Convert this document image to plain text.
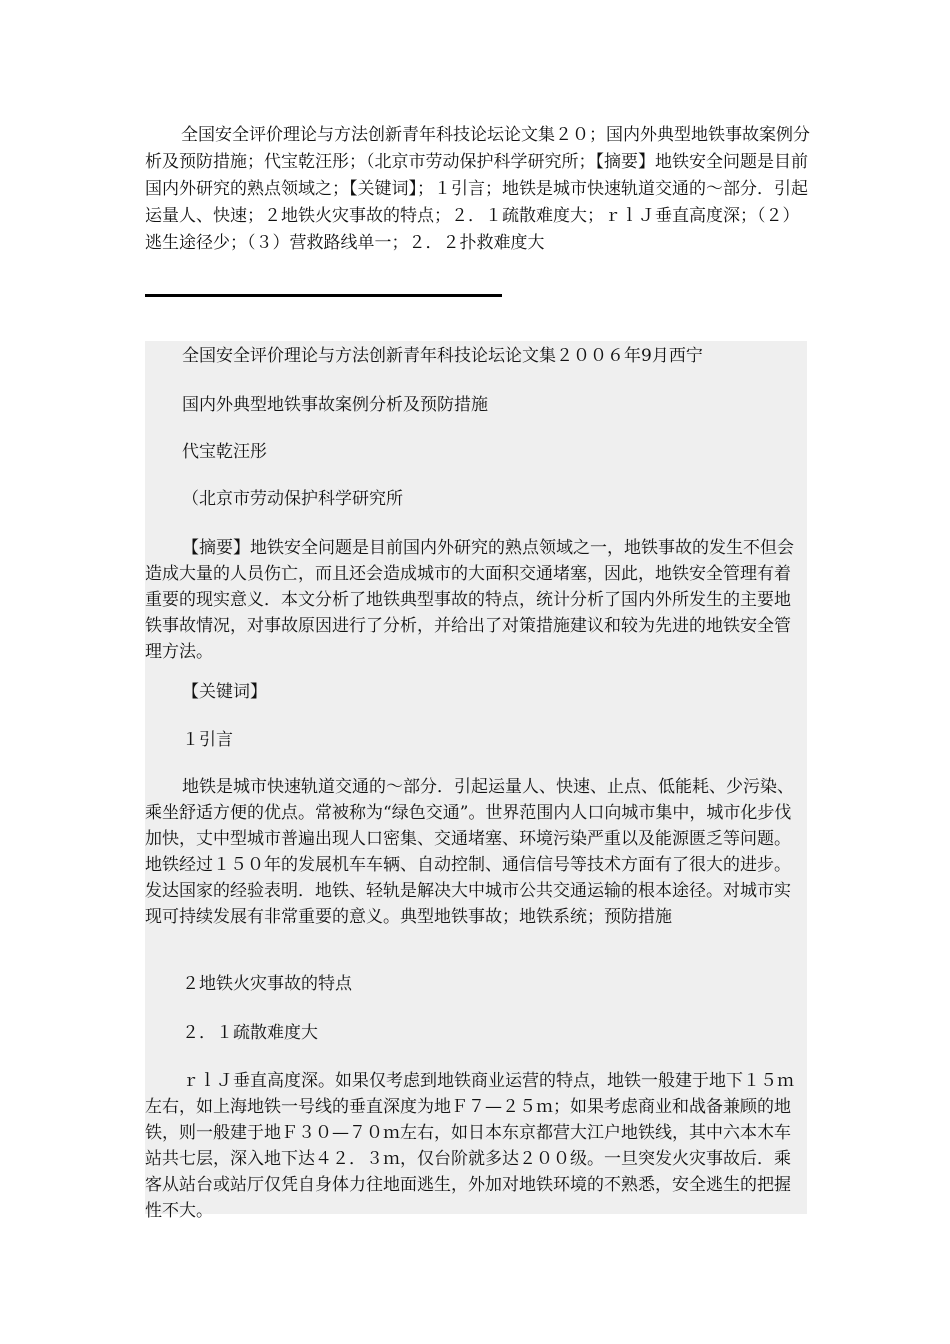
全国安全评价理论与方法创新青年科技论坛论文集２０；国内外典型地铁事故案例分析及预防措施；代宝乾汪彤；（北京市劳动保护科学研究所；【摘要】地铁安全问题是目前国内外研究的熟点领域之；【关键词】；１引言；地铁是城市快速轨道交通的～部分．引起运量人、快速；２地铁火灾事故的特点；２．１疏散难度大；ｒｌＪ垂直高度深；（２）逃生途径少；（３）营救路线单一；２．２扑救难度大

全国安全评价理论与方法创新青年科技论坛论文集２００６年9月西宁

国内外典型地铁事故案例分析及预防措施

代宝乾汪彤

（北京市劳动保护科学研究所

【摘要】地铁安全问题是目前国内外研究的熟点领域之一，地铁事故的发生不但会造成大量的人员伤亡，而且还会造成城市的大面积交通堵塞，因此，地铁安全管理有着重要的现实意义．本文分析了地铁典型事故的特点，统计分析了国内外所发生的主要地铁事故情况，对事故原因进行了分析，并给出了对策措施建议和较为先进的地铁安全管理方法。

【关键词】

１引言

地铁是城市快速轨道交通的～部分．引起运量人、快速、止点、低能耗、少污染、乘坐舒适方便的优点。常被称为“绿色交通”。世界范围内人口向城市集中，城市化步伐加快，丈中型城市普遍出现人口密集、交通堵塞、环境污染严重以及能源匮乏等问题。地铁经过１５０年的发展机车车辆、自动控制、通信信号等技术方面有了很大的进步。发达国家的经验表明．地铁、轻轨是解决大中城市公共交通运输的根本途径。对城市实现可持续发展有非常重要的意义。典型地铁事故；地铁系统；预防措施

２地铁火灾事故的特点

２．１疏散难度大

ｒｌＪ垂直高度深。如果仅考虑到地铁商业运营的特点，地铁一般建于地下１５ｍ左右，如上海地铁一号线的垂直深度为地Ｆ７—２５ｍ；如果考虑商业和战备兼顾的地铁，则一般建于地Ｆ３０—７０ｍ左右，如日本东京都营大江户地铁线，其中六本木车站共七层，深入地下达４２．３ｍ，仅台阶就多达２００级。一旦突发火灾事故后．乘客从站台或站厅仅凭自身体力往地面逃生，外加对地铁环境的不熟悉，安全逃生的把握性不大。
